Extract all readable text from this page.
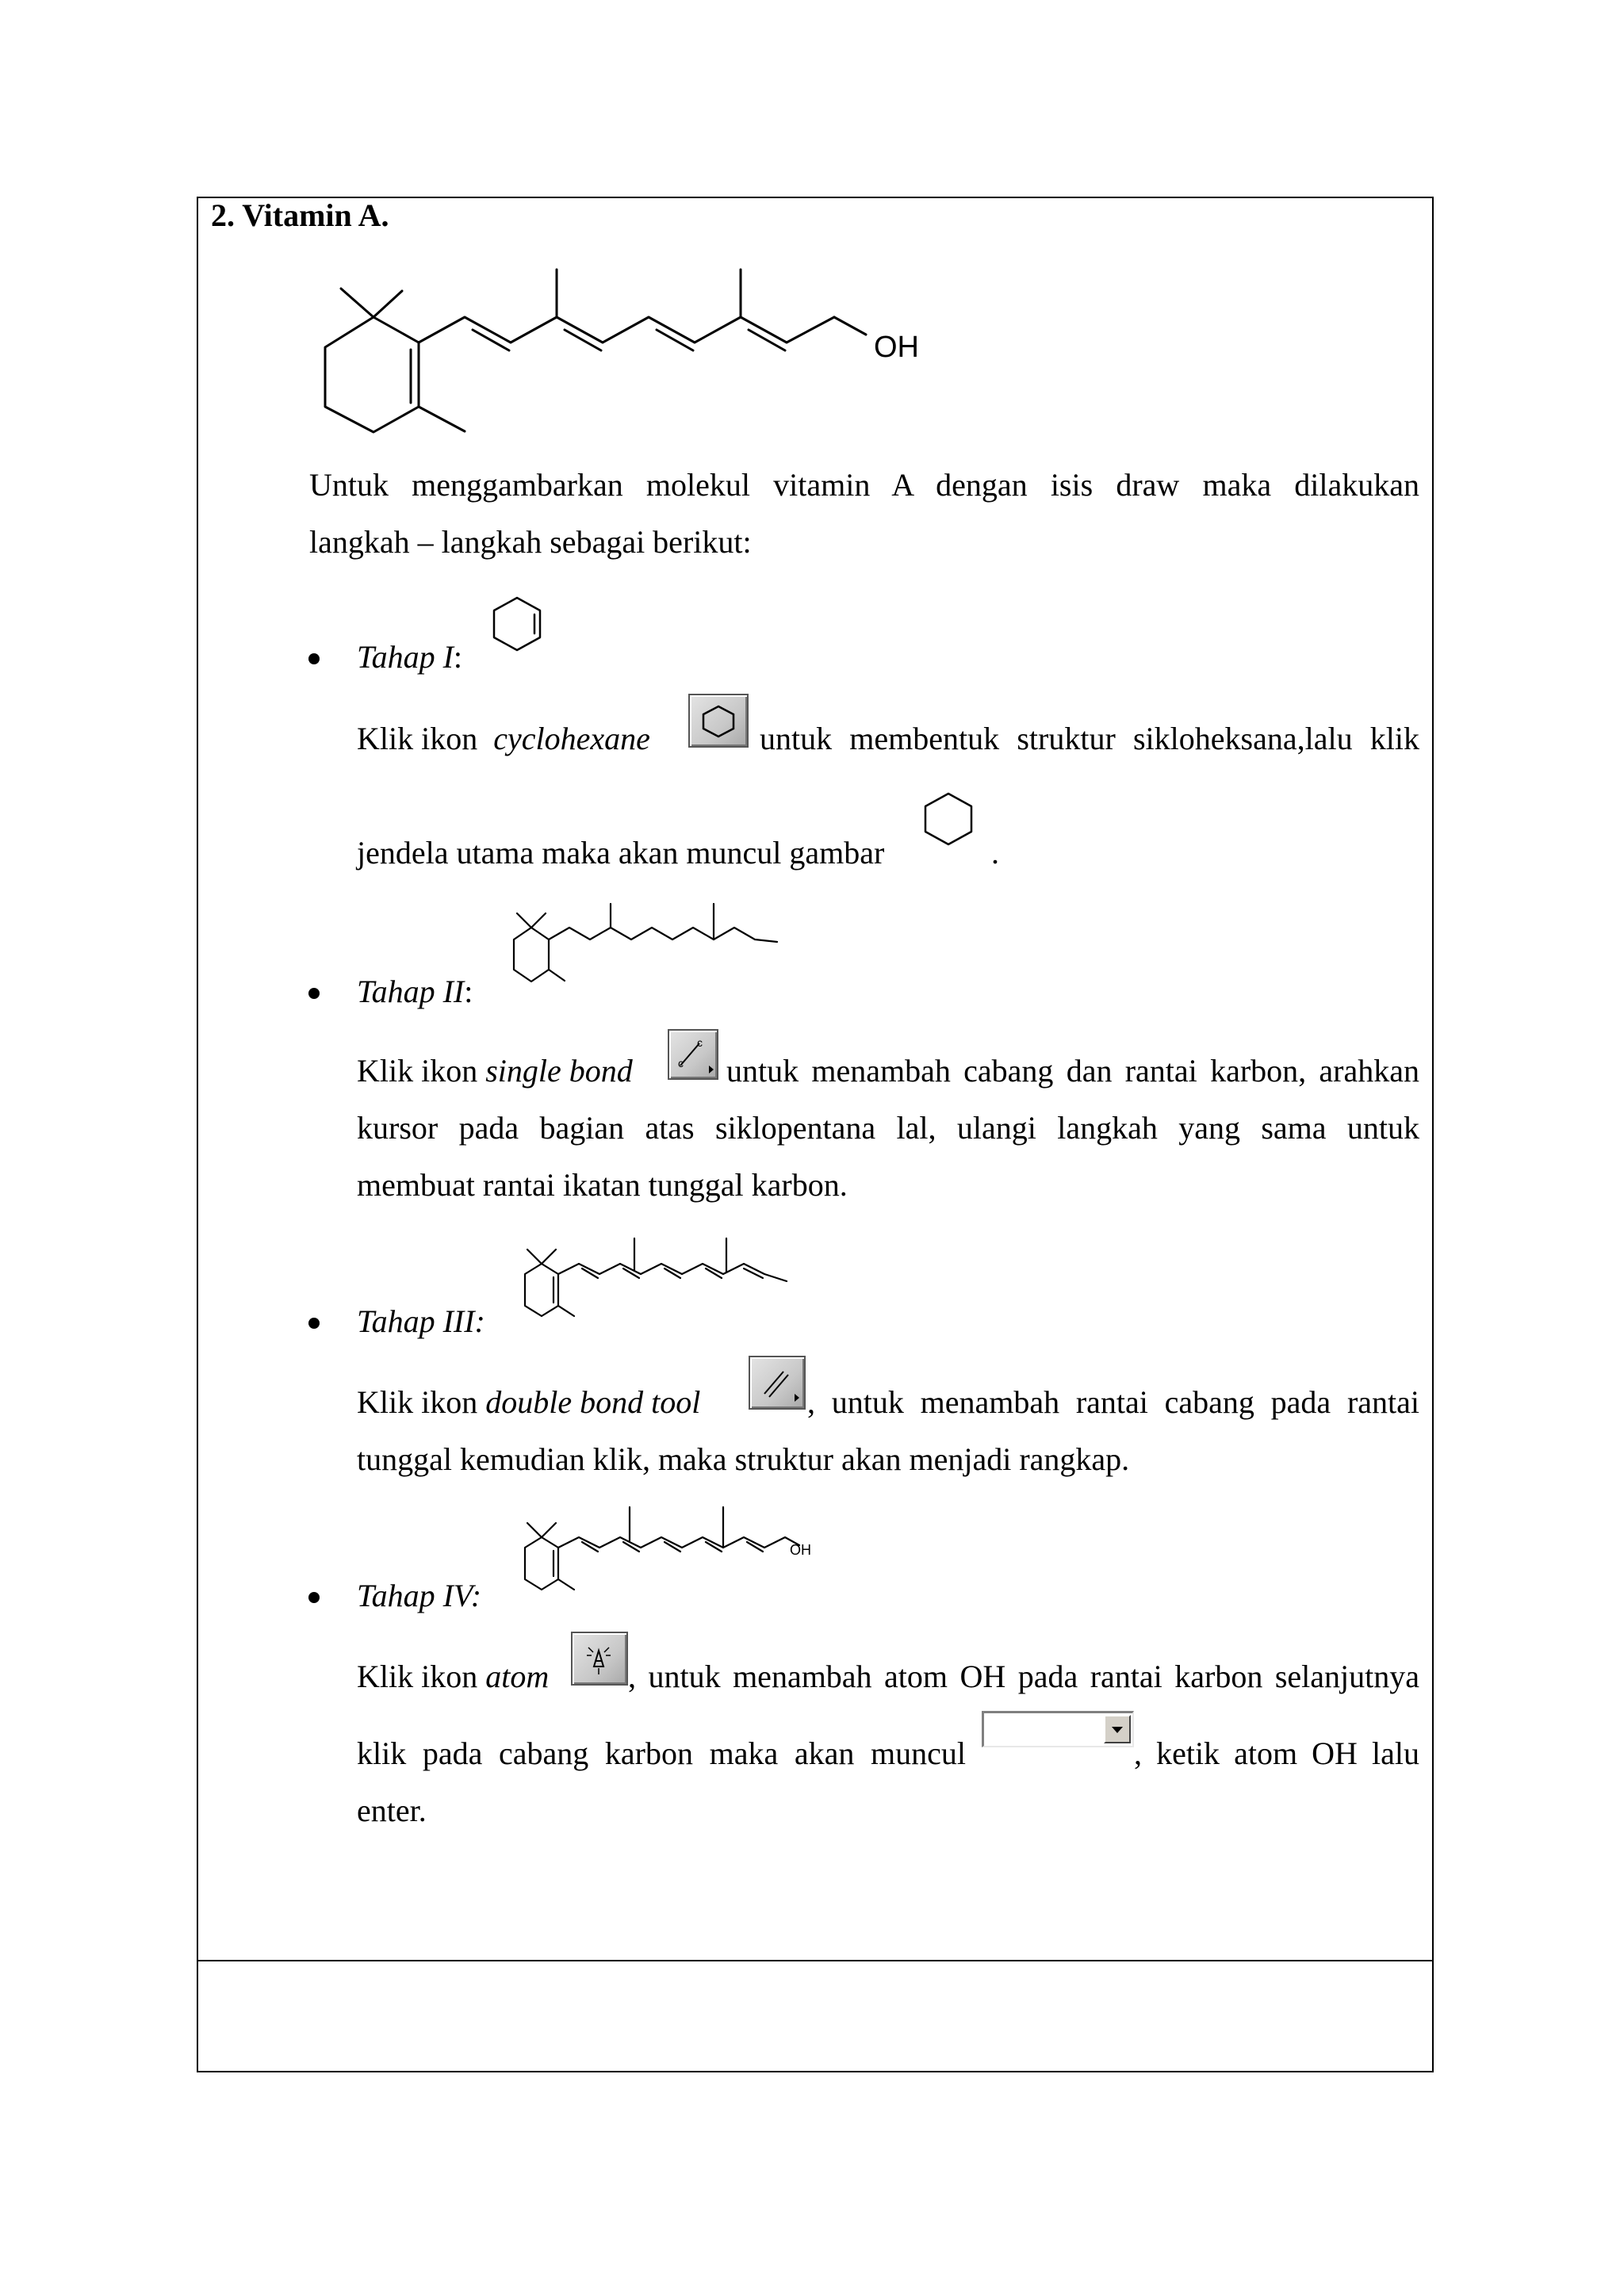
2. Vitamin A.
OH
Untuk menggambarkan molekul vitamin A dengan isis draw maka dilakukan
langkah – langkah sebagai berikut:
Tahap I:
Klik ikon  cyclohexane	untuk membentuk struktur sikloheksana,lalu klik
jendela utama maka akan muncul gambar	.
Tahap II:
Klik ikon single bond
c
c untuk menambah cabang dan rantai karbon, arahkan
kursor pada bagian atas siklopentana lal, ulangi langkah yang sama untuk
membuat rantai ikatan tunggal karbon.
Tahap III:
Klik ikon double bond tool	, untuk menambah rantai cabang pada rantai
tunggal kemudian klik, maka struktur akan menjadi rangkap.
OH
Tahap IV:
Klik ikon atom , untuk menambah atom OH pada rantai karbon selanjutnya
klik pada cabang karbon maka akan muncul	, ketik atom OH lalu
enter.
